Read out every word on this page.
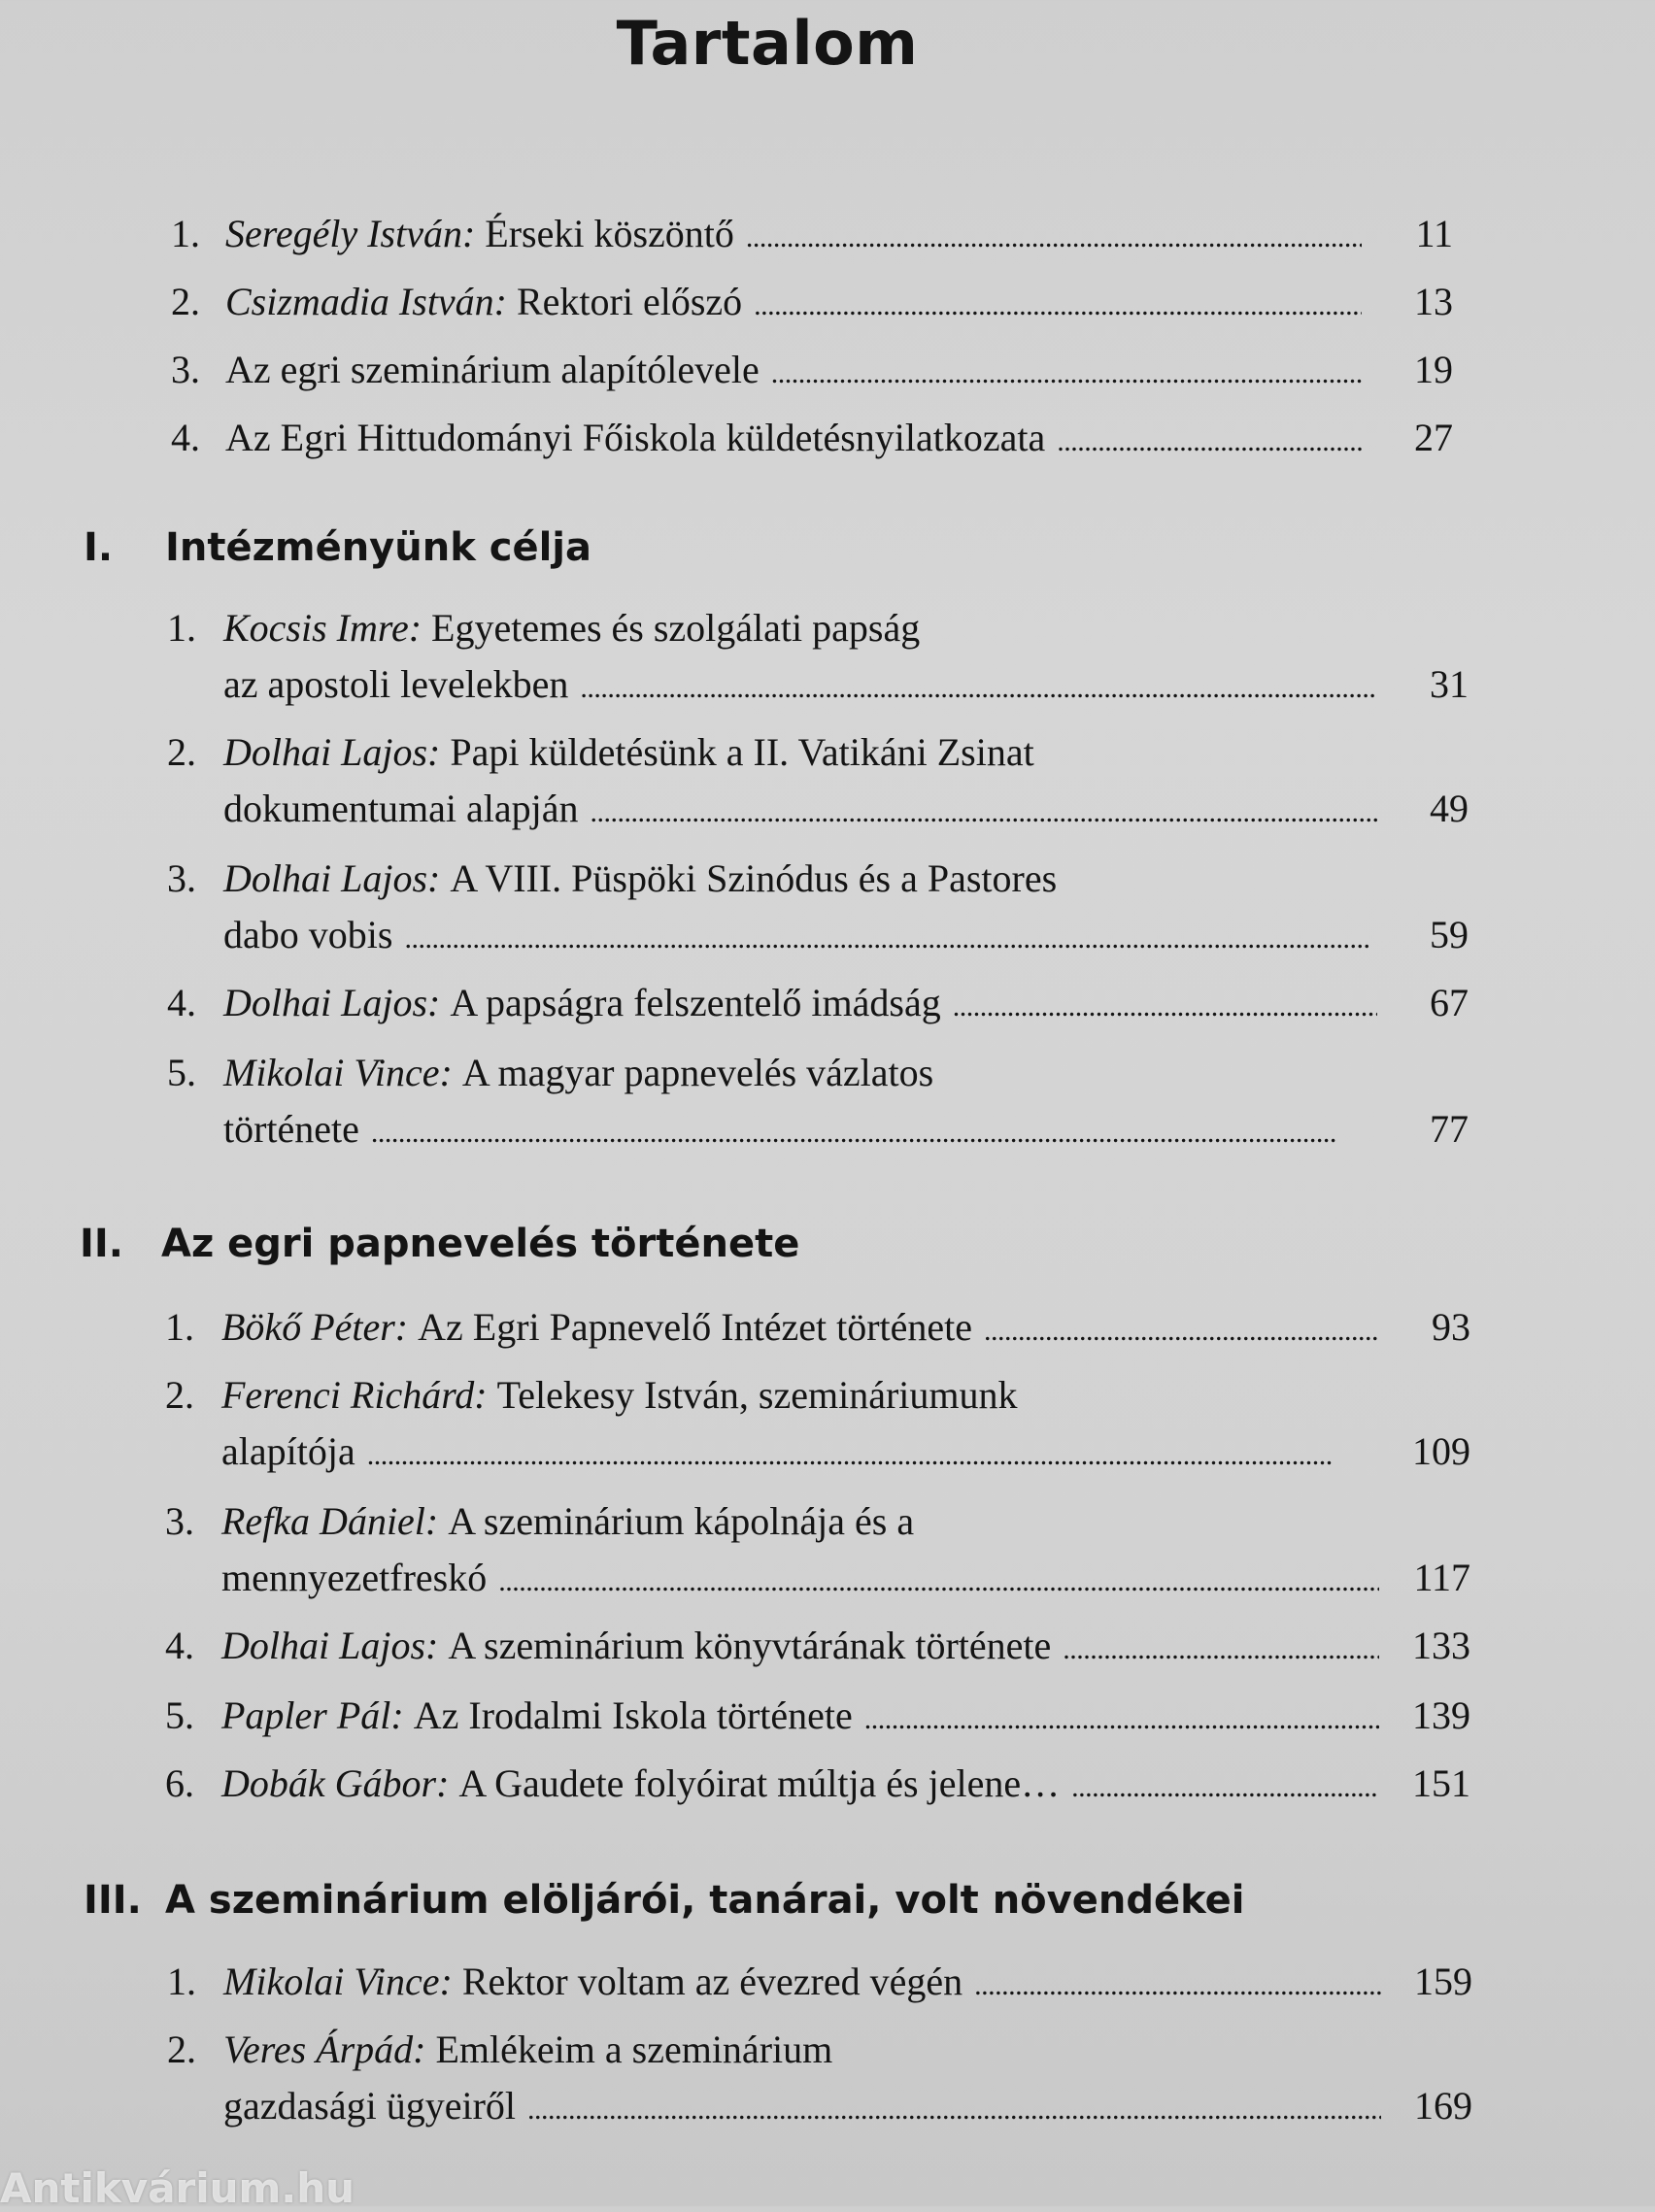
Tartalom
1. Seregély István:
Érseki köszöntő . . .	11
2. Csizmadia István:
Rektori előszó . . .	13
3. Az egri szeminárium alapítólevele . . .	19
4. Az Egri Hittudományi Főiskola küldetésnyilatkozata . . .	27
I. Intézményünk célja
1. Kocsis Imre:
Egyetemes és szolgálati papság
az apostoli levelekben . . .	31
2. Dolhai Lajos:
Papi küldetésünk a II. Vatikáni Zsinat
dokumentumai alapján . . .	49
3. Dolhai Lajos:
A VIII. Püspöki Szinódus és a Pastores
dabo vobis . . .	59
4. Dolhai Lajos:
A papságra felszentelő imádság . . .	67
5. Mikolai Vince:
A magyar papnevelés vázlatos
története . . .	77
II. Az egri papnevelés története
1. Bökő Péter:
Az Egri Papnevelő Intézet története . . .	93
2. Ferenci Richárd:
Telekesy István, szemináriumunk
alapítója . . .	109
3. Refka Dániel:
A szeminárium kápolnája és a
mennyezetfreskó . . .	117
4. Dolhai Lajos:
A szeminárium könyvtárának története . . .	133
5. Papler Pál:
Az Irodalmi Iskola története . . .	139
6. Dobák Gábor:
A Gaudete folyóirat múltja és jelene… . . .	151
III. A szeminárium elöljárói, tanárai, volt növendékei
1. Mikolai Vince:
Rektor voltam az évezred végén . . .	159
2. Veres Árpád:
Emlékeim a szeminárium
gazdasági ügyeiről . . .	169
Antikvárium.hu
